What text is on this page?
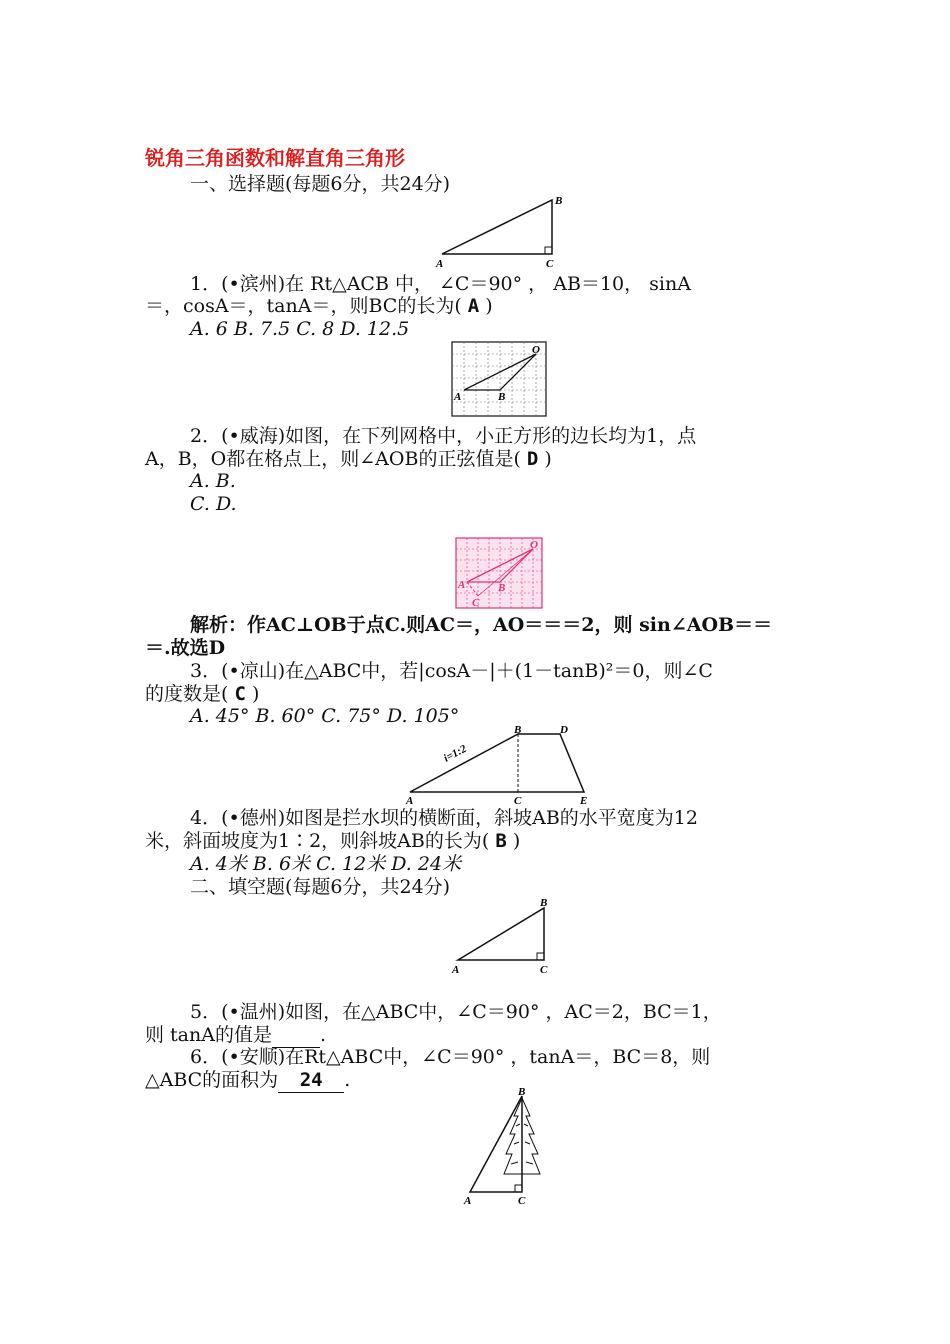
锐角三角函数和解直角三角形
一、选择题(每题6分，共24分)
A
B
C
1．(•滨州)在 Rt△ACB 中， ∠C＝90° ， AB＝10， sinA
＝，cosA＝，tanA＝，则BC的长为( A )
A. 6 B. 7.5 C. 8 D. 12.5
A	B
O
2．(•威海)如图，在下列网格中，小正方形的边长均为1，点
A，B，O都在格点上，则∠AOB的正弦值是( D )
A. B.
C. D.
A	B
O
C
解析：作AC⊥OB于点C.则AC＝，AO＝＝＝2，则 sin∠AOB＝＝
＝.故选D
3．(•凉山)在△ABC中，若|cosA－|＋(1－tanB)²＝0，则∠C
的度数是( C )
A. 45° B. 60° C. 75° D. 105°
i=1:2
A
B	D
C	E
4．(•德州)如图是拦水坝的横断面，斜坡AB的水平宽度为12
米，斜面坡度为1∶2，则斜坡AB的长为( B )
A. 4米 B. 6米 C. 12米 D. 24米
二、填空题(每题6分，共24分)
A
B
C
5．(•温州)如图，在△ABC中，∠C＝90° ，AC＝2，BC＝1，
则 tanA的值是	.
6．(•安顺)在Rt△ABC中，∠C＝90° ，tanA＝，BC＝8，则
△ABC的面积为 24 .
A
B
C
